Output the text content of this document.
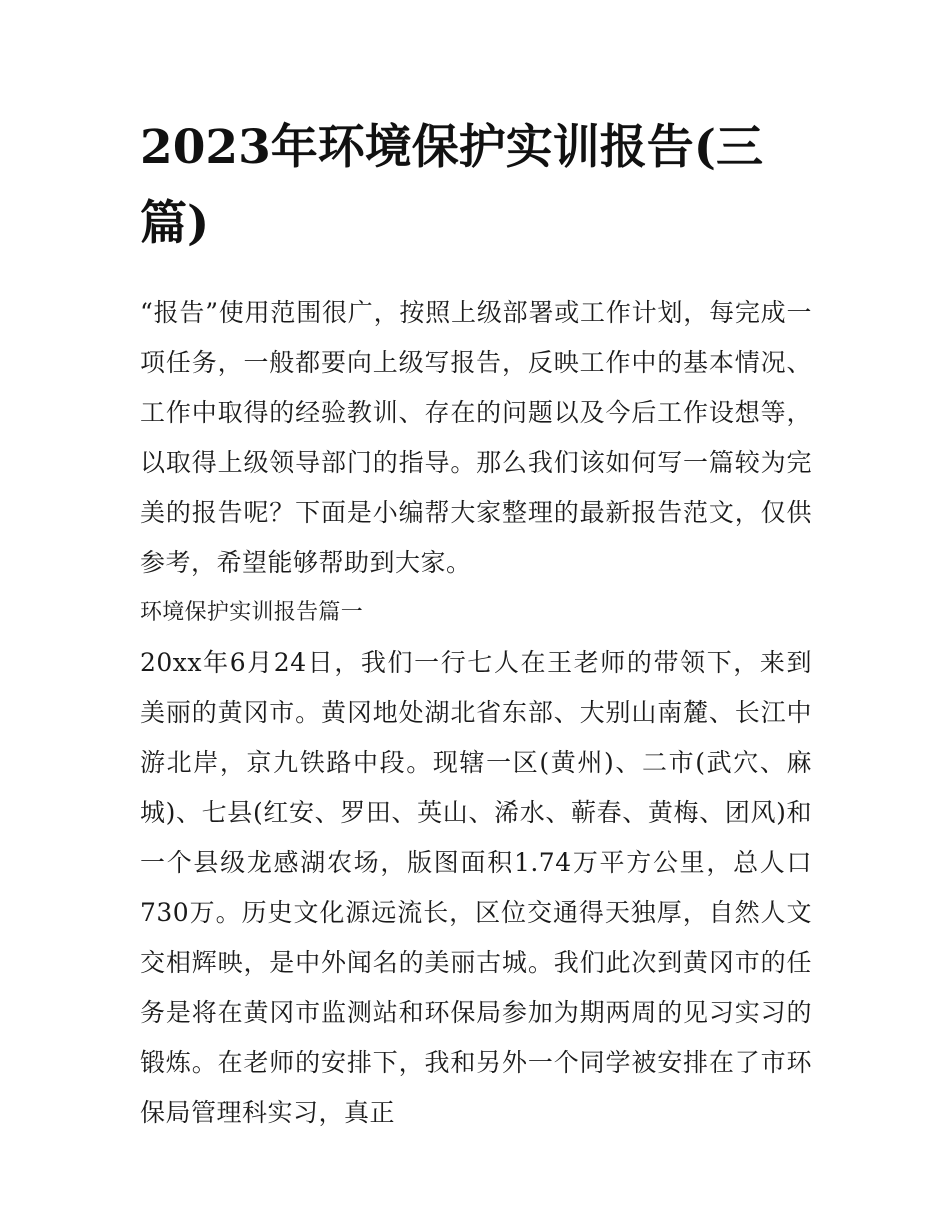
2023年环境保护实训报告(三篇)

“报告”使用范围很广，按照上级部署或工作计划，每完成一项任务，一般都要向上级写报告，反映工作中的基本情况、工作中取得的经验教训、存在的问题以及今后工作设想等，以取得上级领导部门的指导。那么我们该如何写一篇较为完美的报告呢？下面是小编帮大家整理的最新报告范文，仅供参考，希望能够帮助到大家。

环境保护实训报告篇一

20xx年6月24日，我们一行七人在王老师的带领下，来到美丽的黄冈市。黄冈地处湖北省东部、大别山南麓、长江中游北岸，京九铁路中段。现辖一区(黄州)、二市(武穴、麻城)、七县(红安、罗田、英山、浠水、蕲春、黄梅、团风)和一个县级龙感湖农场，版图面积1.74万平方公里，总人口730万。历史文化源远流长，区位交通得天独厚，自然人文交相辉映，是中外闻名的美丽古城。我们此次到黄冈市的任务是将在黄冈市监测站和环保局参加为期两周的见习实习的锻炼。在老师的安排下，我和另外一个同学被安排在了市环保局管理科实习，真正
